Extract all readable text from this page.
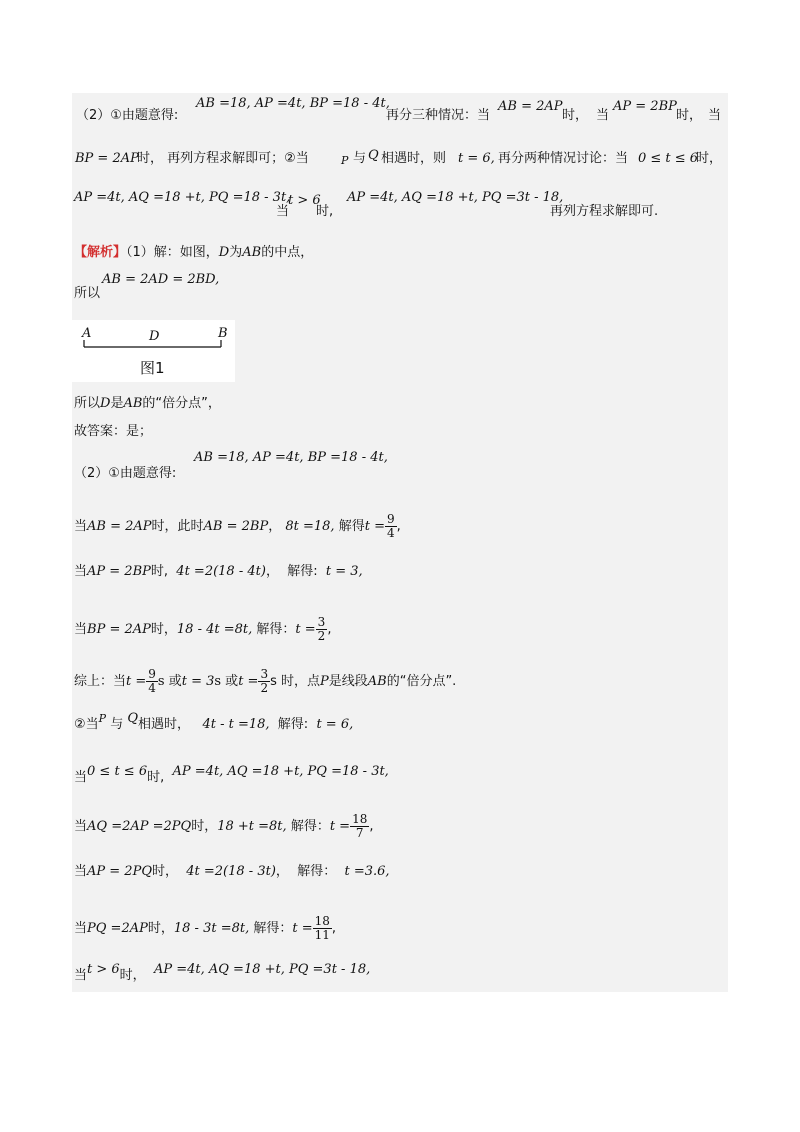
（2）①由题意得:
AB =18, AP =4t, BP =18 - 4t,
再分三种情况：当
AB = 2AP
时， 当
AP = 2BP
时， 当
BP = 2AP
时， 再列方程求解即可；②当	P 与 Q 相遇时，则 t = 6, 再分两种情况讨论：当 0 ≤ t ≤ 6
时，
AP =4t, AQ =18 +t, PQ =18 - 3t,
当
t > 6
时,
AP =4t, AQ =18 +t, PQ =3t - 18,
再列方程求解即可.
【解析】（1）解：如图，D为AB的中点，
AB = 2AD = 2BD,
所以
A	D	B
图1
所以D是AB的“倍分点”，
故答案：是；
AB =18, AP =4t, BP =18 - 4t,
（2）①由题意得:
当AB = 2AP时，此时AB = 2BP， 8t =18, 解得$t = \frac{9}{4}$ ,
当AP = 2BP时, 4t =2(18 - 4t)， 解得: t = 3,
当BP = 2AP时，18 - 4t =8t, 解得：$t = \frac{3}{2}$ ,
综上：当$t = \frac{9}{4}$ s 或t = 3s 或$t = \frac{3}{2}$ s 时，点P是线段AB的“倍分点”.
②当$^P$ 与 Q相遇时， 4t - t =18, 解得: t = 6,
当0 ≤ t ≤ 6时, AP =4t, AQ =18 +t, PQ =18 - 3t,
当AQ =2AP =2PQ时，18 +t =8t, 解得：$t = \frac{18}{7}$ ,
当AP = 2PQ时， 4t =2(18 - 3t)， 解得： t =3.6,
当PQ =2AP时，18 - 3t =8t, 解得：$t = \frac{18}{11}$ ,
当t > 6时， AP =4t, AQ =18 +t, PQ =3t - 18,
